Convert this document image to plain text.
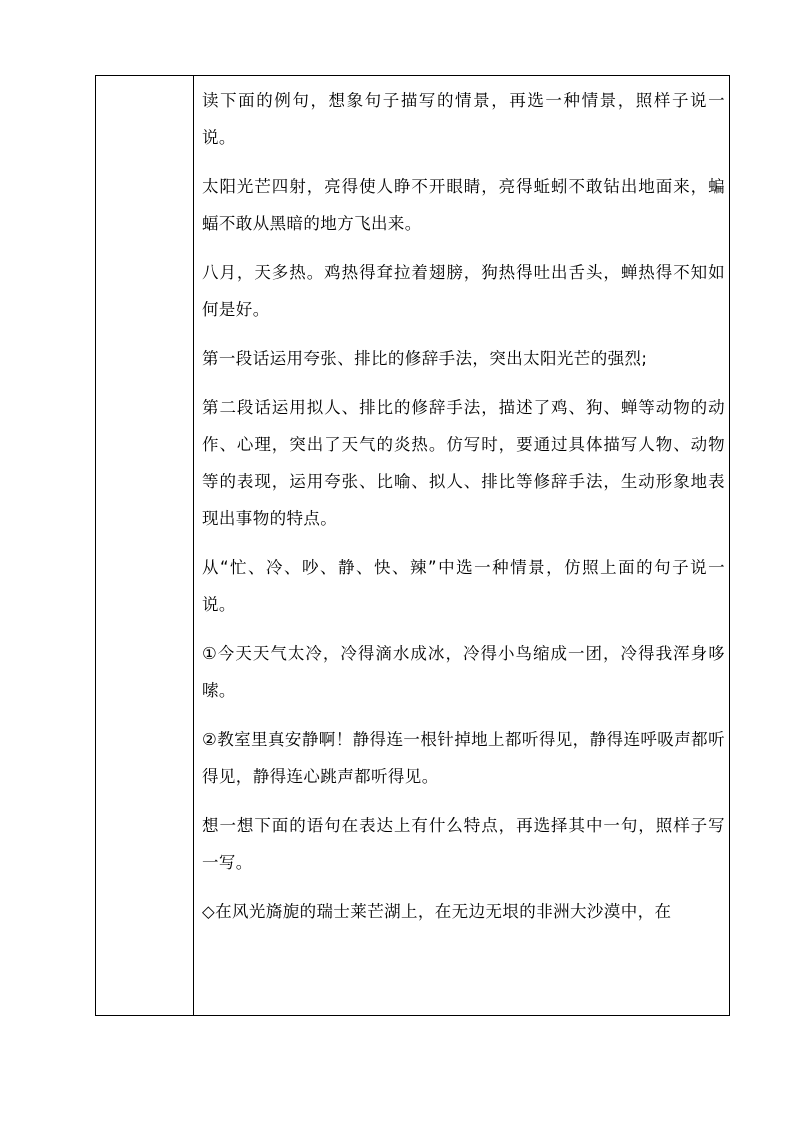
读下面的例句，想象句子描写的情景，再选一种情景，照样子说一说。

太阳光芒四射，亮得使人睁不开眼睛，亮得蚯蚓不敢钻出地面来，蝙蝠不敢从黑暗的地方飞出来。

八月，天多热。鸡热得耷拉着翅膀，狗热得吐出舌头，蝉热得不知如何是好。

第一段话运用夸张、排比的修辞手法，突出太阳光芒的强烈;

第二段话运用拟人、排比的修辞手法，描述了鸡、狗、蝉等动物的动作、心理，突出了天气的炎热。仿写时，要通过具体描写人物、动物等的表现，运用夸张、比喻、拟人、排比等修辞手法，生动形象地表现出事物的特点。

从“忙、冷、吵、静、快、辣”中选一种情景，仿照上面的句子说一说。

①今天天气太冷，冷得滴水成冰，冷得小鸟缩成一团，冷得我浑身哆嗦。

②教室里真安静啊！静得连一根针掉地上都听得见，静得连呼吸声都听得见，静得连心跳声都听得见。

想一想下面的语句在表达上有什么特点，再选择其中一句，照样子写一写。

◇在风光旖旎的瑞士莱芒湖上，在无边无垠的非洲大沙漠中，在
